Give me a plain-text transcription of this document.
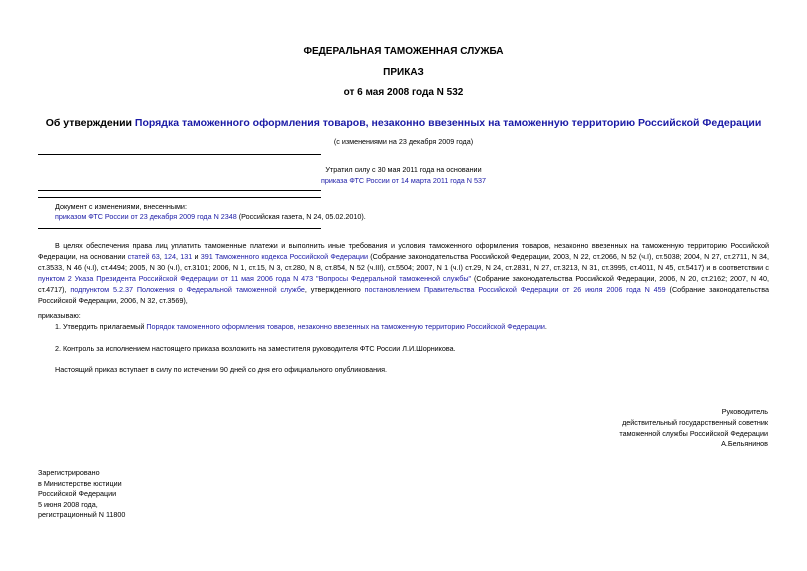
ФЕДЕРАЛЬНАЯ ТАМОЖЕННАЯ СЛУЖБА
ПРИКАЗ
от 6 мая 2008 года N 532
Об утверждении Порядка таможенного оформления товаров, незаконно ввезенных на таможенную территорию Российской Федерации
(с изменениями на 23 декабря 2009 года)
Утратил силу с 30 мая 2011 года на основании
приказа ФТС России от 14 марта 2011 года N 537
Документ с изменениями, внесенными:
приказом ФТС России от 23 декабря 2009 года N 2348 (Российская газета, N 24, 05.02.2010).
В целях обеспечения права лиц уплатить таможенные платежи и выполнить иные требования и условия таможенного оформления товаров, незаконно ввезенных на таможенную территорию Российской Федерации, на основании статей 63, 124, 131 и 391 Таможенного кодекса Российской Федерации (Собрание законодательства Российской Федерации, 2003, N 22, ст.2066, N 52 (ч.I), ст.5038; 2004, N 27, ст.2711, N 34, ст.3533, N 46 (ч.I), ст.4494; 2005, N 30 (ч.I), ст.3101; 2006, N 1, ст.15, N 3, ст.280, N 8, ст.854, N 52 (ч.III), ст.5504; 2007, N 1 (ч.I) ст.29, N 24, ст.2831, N 27, ст.3213, N 31, ст.3995, ст.4011, N 45, ст.5417) и в соответствии с пунктом 2 Указа Президента Российской Федерации от 11 мая 2006 года N 473 "Вопросы Федеральной таможенной службы" (Собрание законодательства Российской Федерации, 2006, N 20, ст.2162; 2007, N 40, ст.4717), подпунктом 5.2.37 Положения о Федеральной таможенной службе, утвержденного постановлением Правительства Российской Федерации от 26 июля 2006 года N 459 (Собрание законодательства Российской Федерации, 2006, N 32, ст.3569),
приказываю:
1. Утвердить прилагаемый Порядок таможенного оформления товаров, незаконно ввезенных на таможенную территорию Российской Федерации.
2. Контроль за исполнением настоящего приказа возложить на заместителя руководителя ФТС России Л.И.Шорникова.
Настоящий приказ вступает в силу по истечении 90 дней со дня его официального опубликования.
Руководитель
действительный государственный советник
таможенной службы Российской Федерации
А.Бельянинов
Зарегистрировано
в Министерстве юстиции
Российской Федерации
5 июня 2008 года,
регистрационный N 11800
